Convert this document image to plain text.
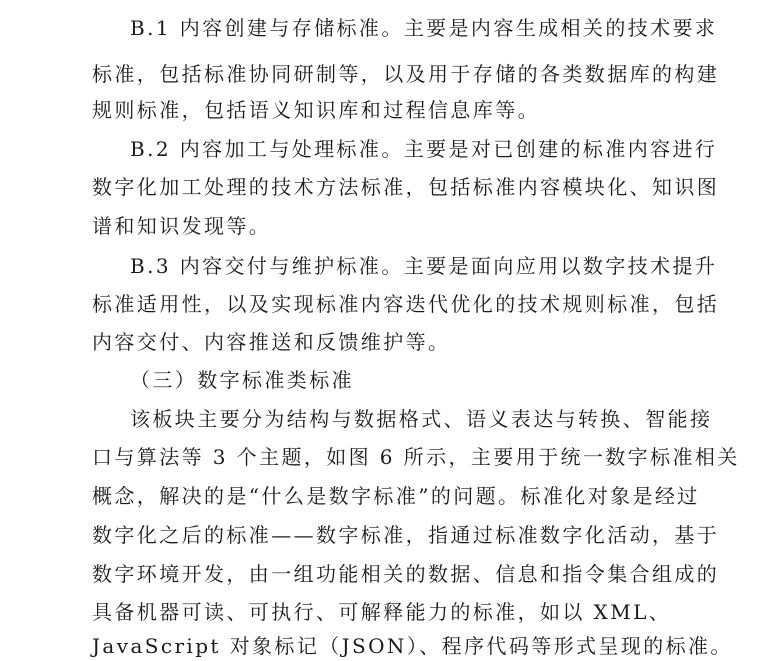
B.1 内容创建与存储标准。主要是内容生成相关的技术要求
标准，包括标准协同研制等，以及用于存储的各类数据库的构建
规则标准，包括语义知识库和过程信息库等。
B.2 内容加工与处理标准。主要是对已创建的标准内容进行
数字化加工处理的技术方法标准，包括标准内容模块化、知识图
谱和知识发现等。
B.3 内容交付与维护标准。主要是面向应用以数字技术提升
标准适用性，以及实现标准内容迭代优化的技术规则标准，包括
内容交付、内容推送和反馈维护等。
（三）数字标准类标准
该板块主要分为结构与数据格式、语义表达与转换、智能接
口与算法等 3 个主题，如图 6 所示，主要用于统一数字标准相关
概念，解决的是“什么是数字标准”的问题。标准化对象是经过
数字化之后的标准——数字标准，指通过标准数字化活动，基于
数字环境开发，由一组功能相关的数据、信息和指令集合组成的
具备机器可读、可执行、可解释能力的标准，如以 XML、
JavaScript 对象标记（JSON）、程序代码等形式呈现的标准。
